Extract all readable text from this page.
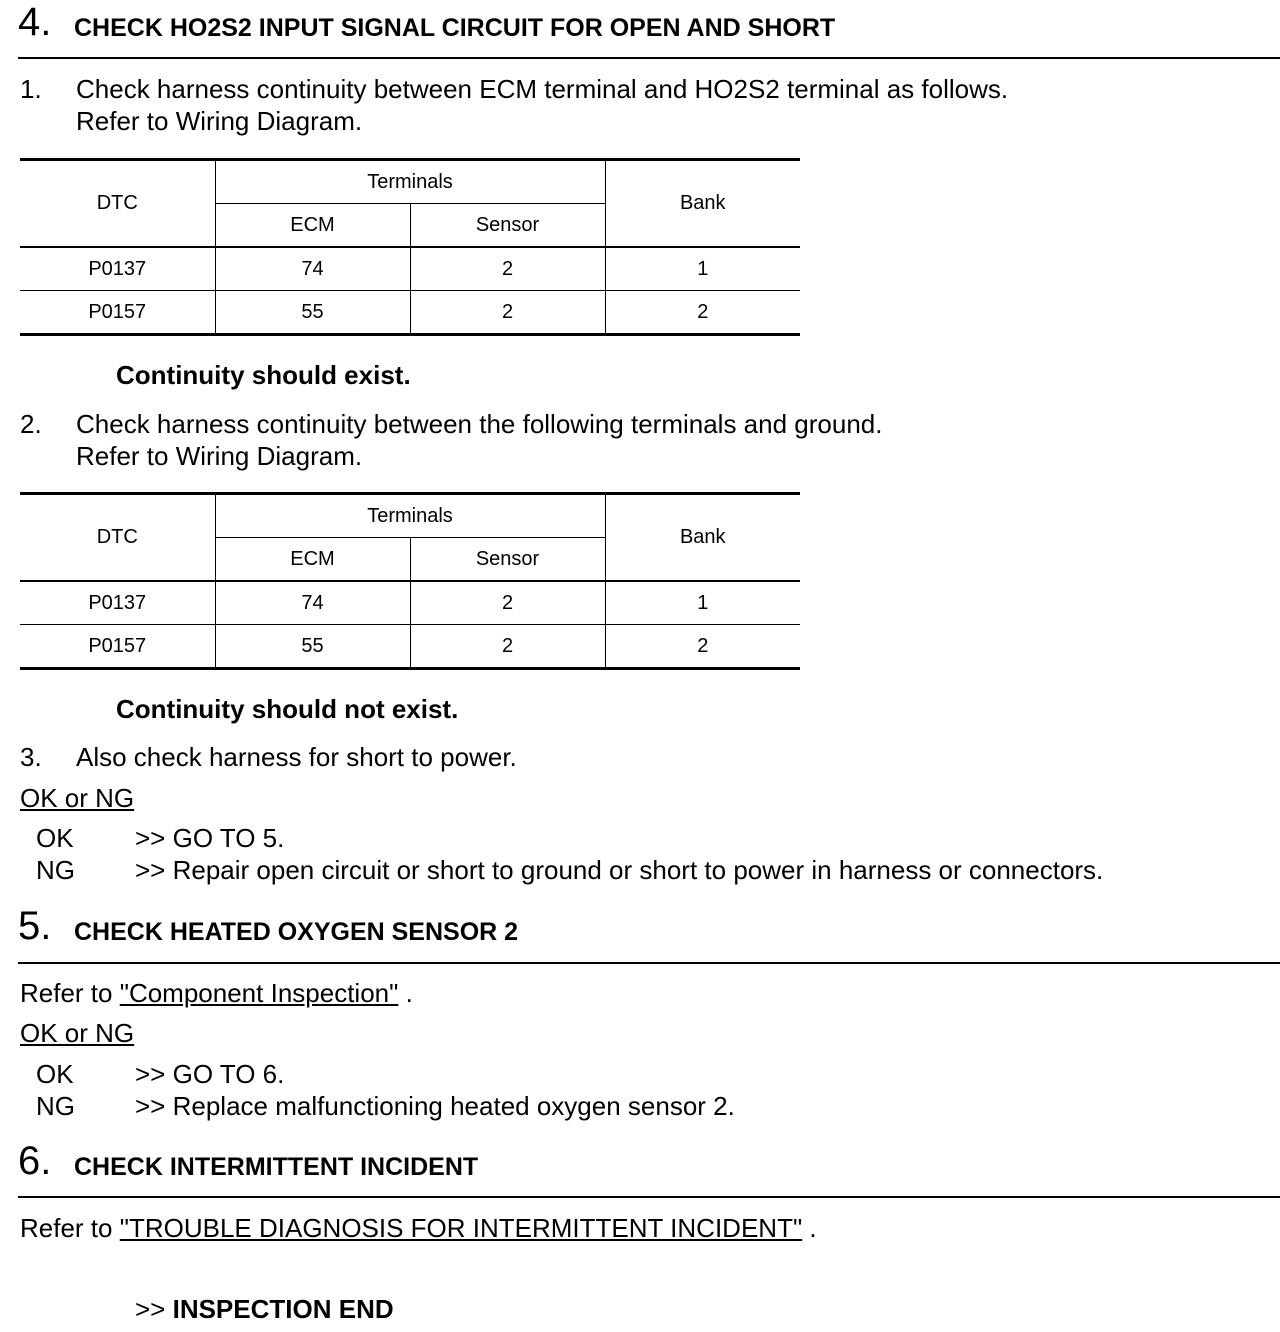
4. CHECK HO2S2 INPUT SIGNAL CIRCUIT FOR OPEN AND SHORT
1. Check harness continuity between ECM terminal and HO2S2 terminal as follows.
Refer to Wiring Diagram.
DTC	Terminals		Bank
	ECM	Sensor	
P0137	74	2	1
P0157	55	2	2
Continuity should exist.
2. Check harness continuity between the following terminals and ground.
Refer to Wiring Diagram.
DTC	Terminals		Bank
	ECM	Sensor	
P0137	74	2	1
P0157	55	2	2
Continuity should not exist.
3. Also check harness for short to power.
OK or NG
OK >> GO TO 5.
NG >> Repair open circuit or short to ground or short to power in harness or connectors.
5. CHECK HEATED OXYGEN SENSOR 2
Refer to "Component Inspection" .
OK or NG
OK >> GO TO 6.
NG >> Replace malfunctioning heated oxygen sensor 2.
6. CHECK INTERMITTENT INCIDENT
Refer to "TROUBLE DIAGNOSIS FOR INTERMITTENT INCIDENT" .
>> INSPECTION END
